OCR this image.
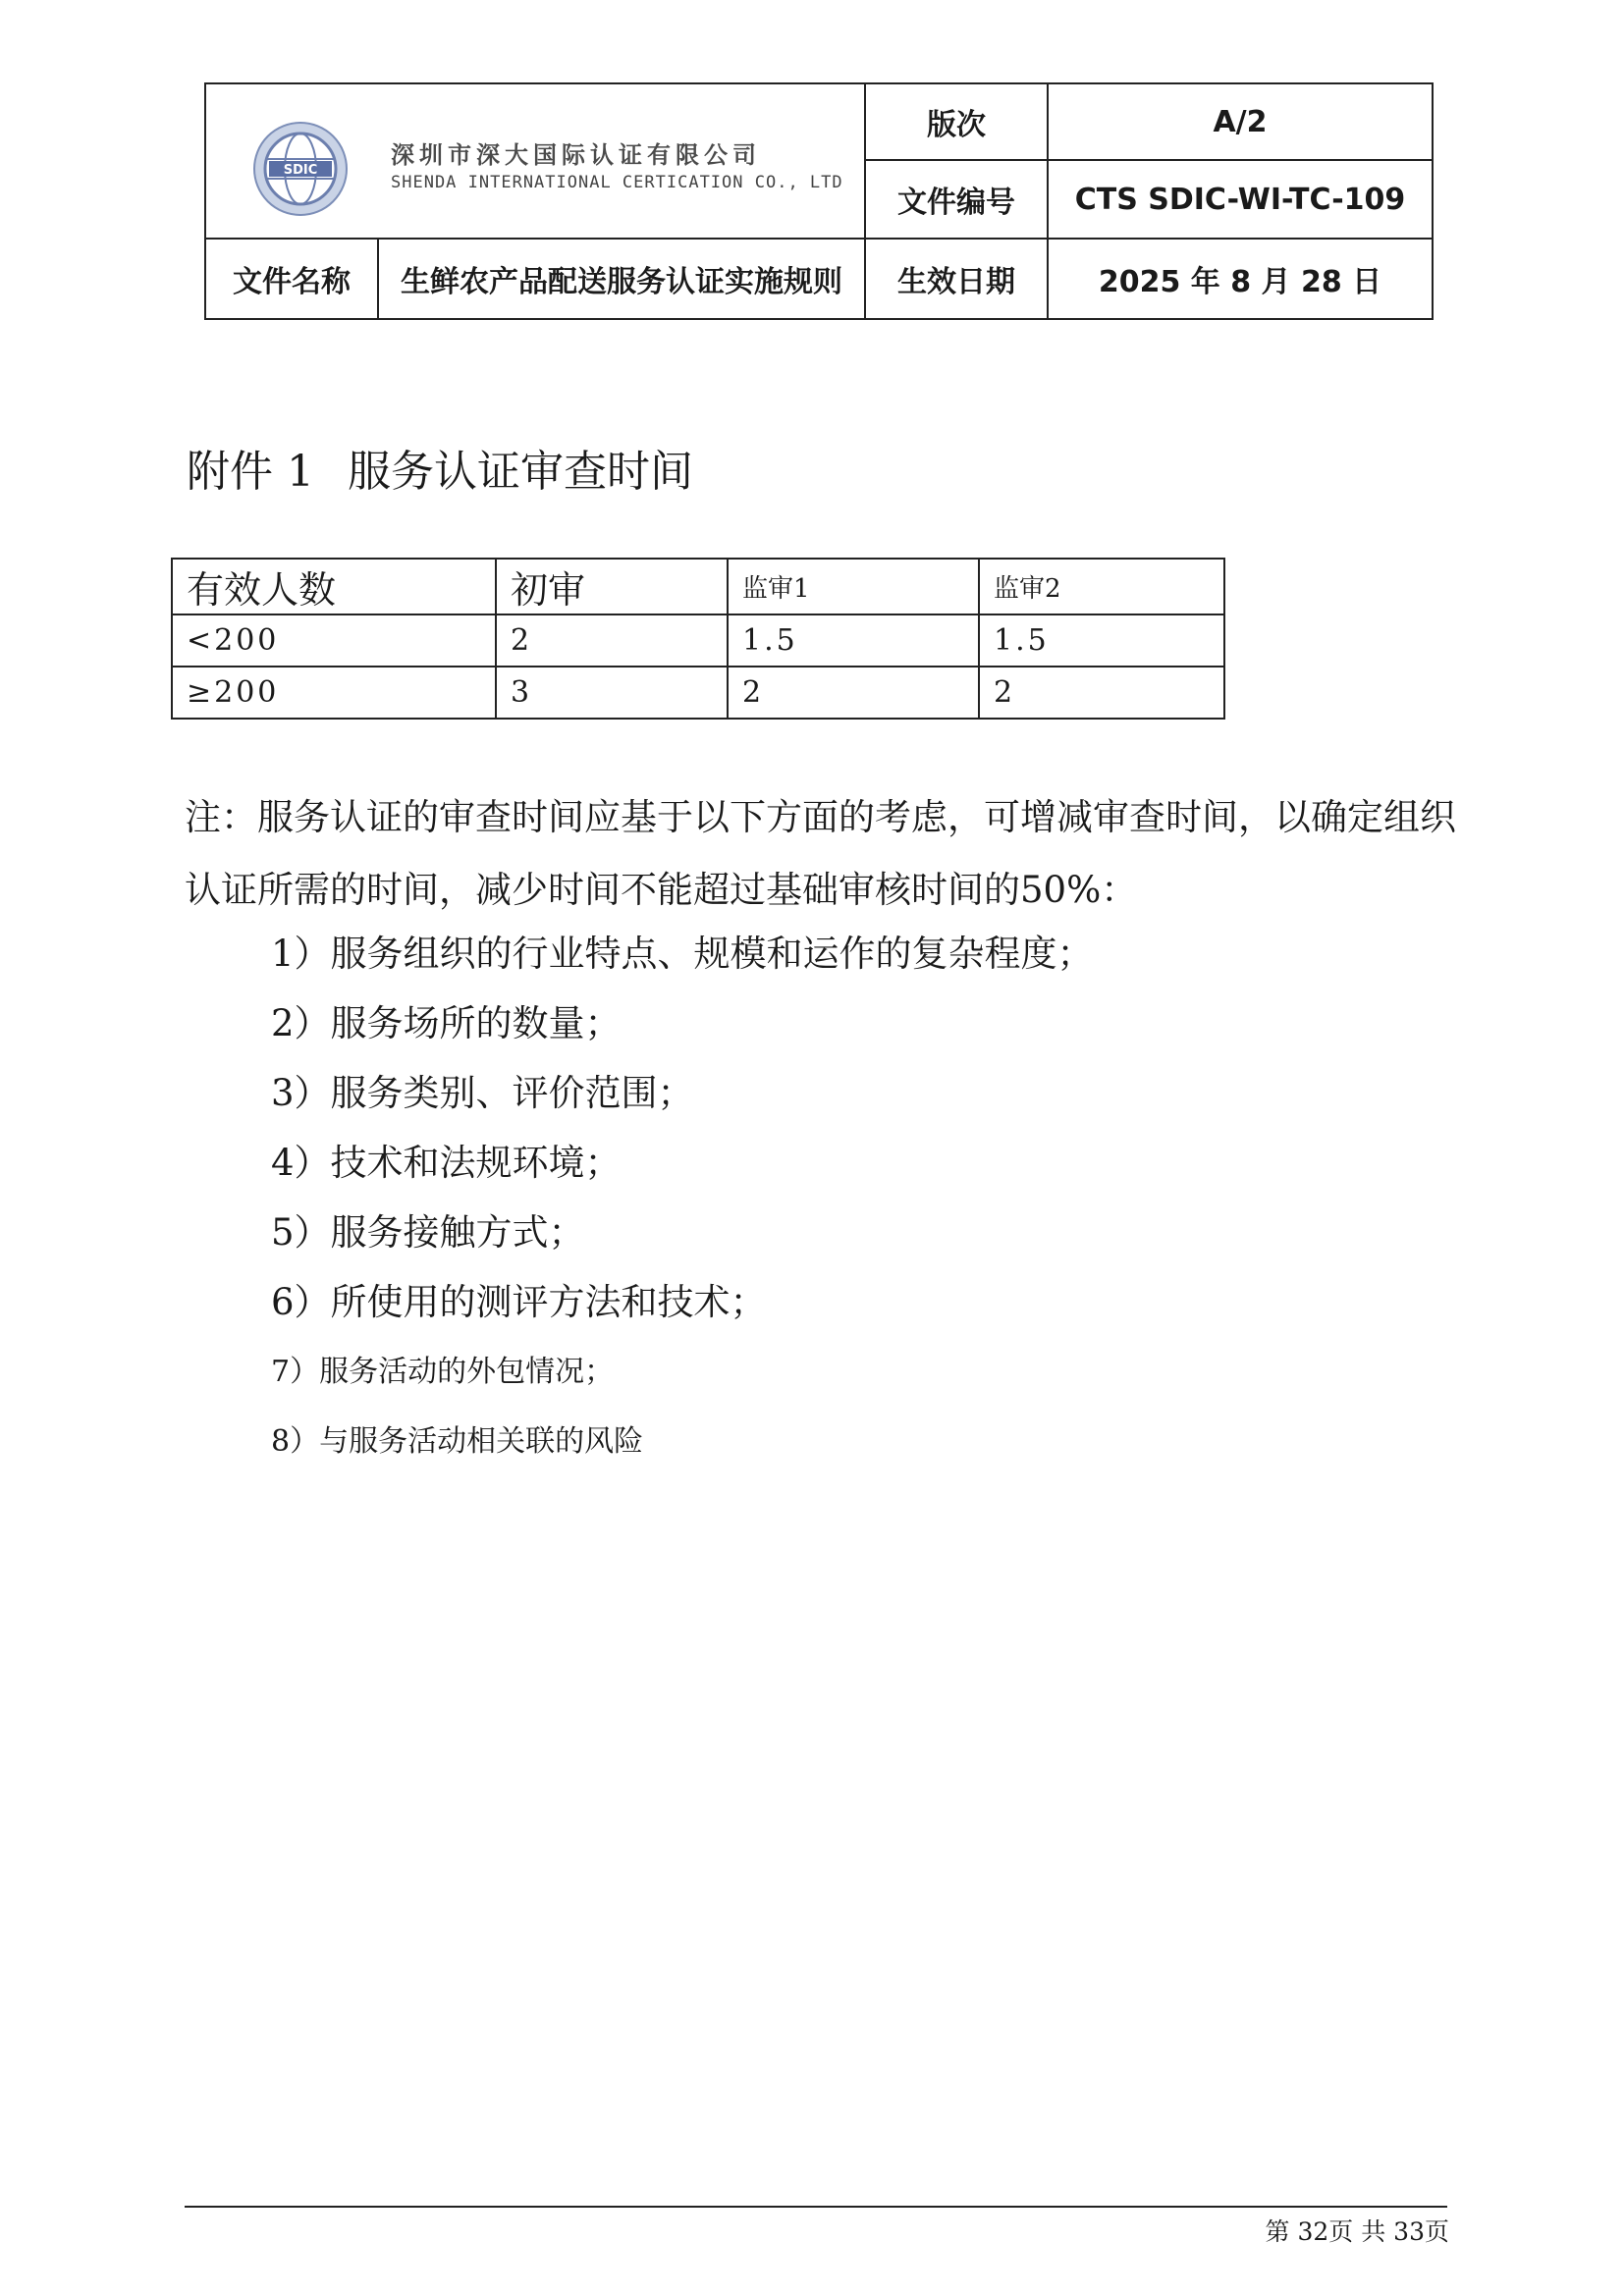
SDIC
深圳市深大国际认证有限公司
SHENDA INTERNATIONAL CERTICATION CO., LTD		版次	A/2
		文件编号	CTS SDIC-WI-TC-109
文件名称	生鲜农产品配送服务认证实施规则	生效日期	2025 年 8 月 28 日
附件 1 服务认证审查时间
有效人数	初审	监审1	监审2
<200	2	1.5	1.5
≥200	3	2	2
注：服务认证的审查时间应基于以下方面的考虑，可增减审查时间，以确定组织认证所需的时间，减少时间不能超过基础审核时间的50%：
1）服务组织的行业特点、规模和运作的复杂程度；
2）服务场所的数量；
3）服务类别、评价范围；
4）技术和法规环境；
5）服务接触方式；
6）所使用的测评方法和技术；
7）服务活动的外包情况；
8）与服务活动相关联的风险
第 32页 共 33页
